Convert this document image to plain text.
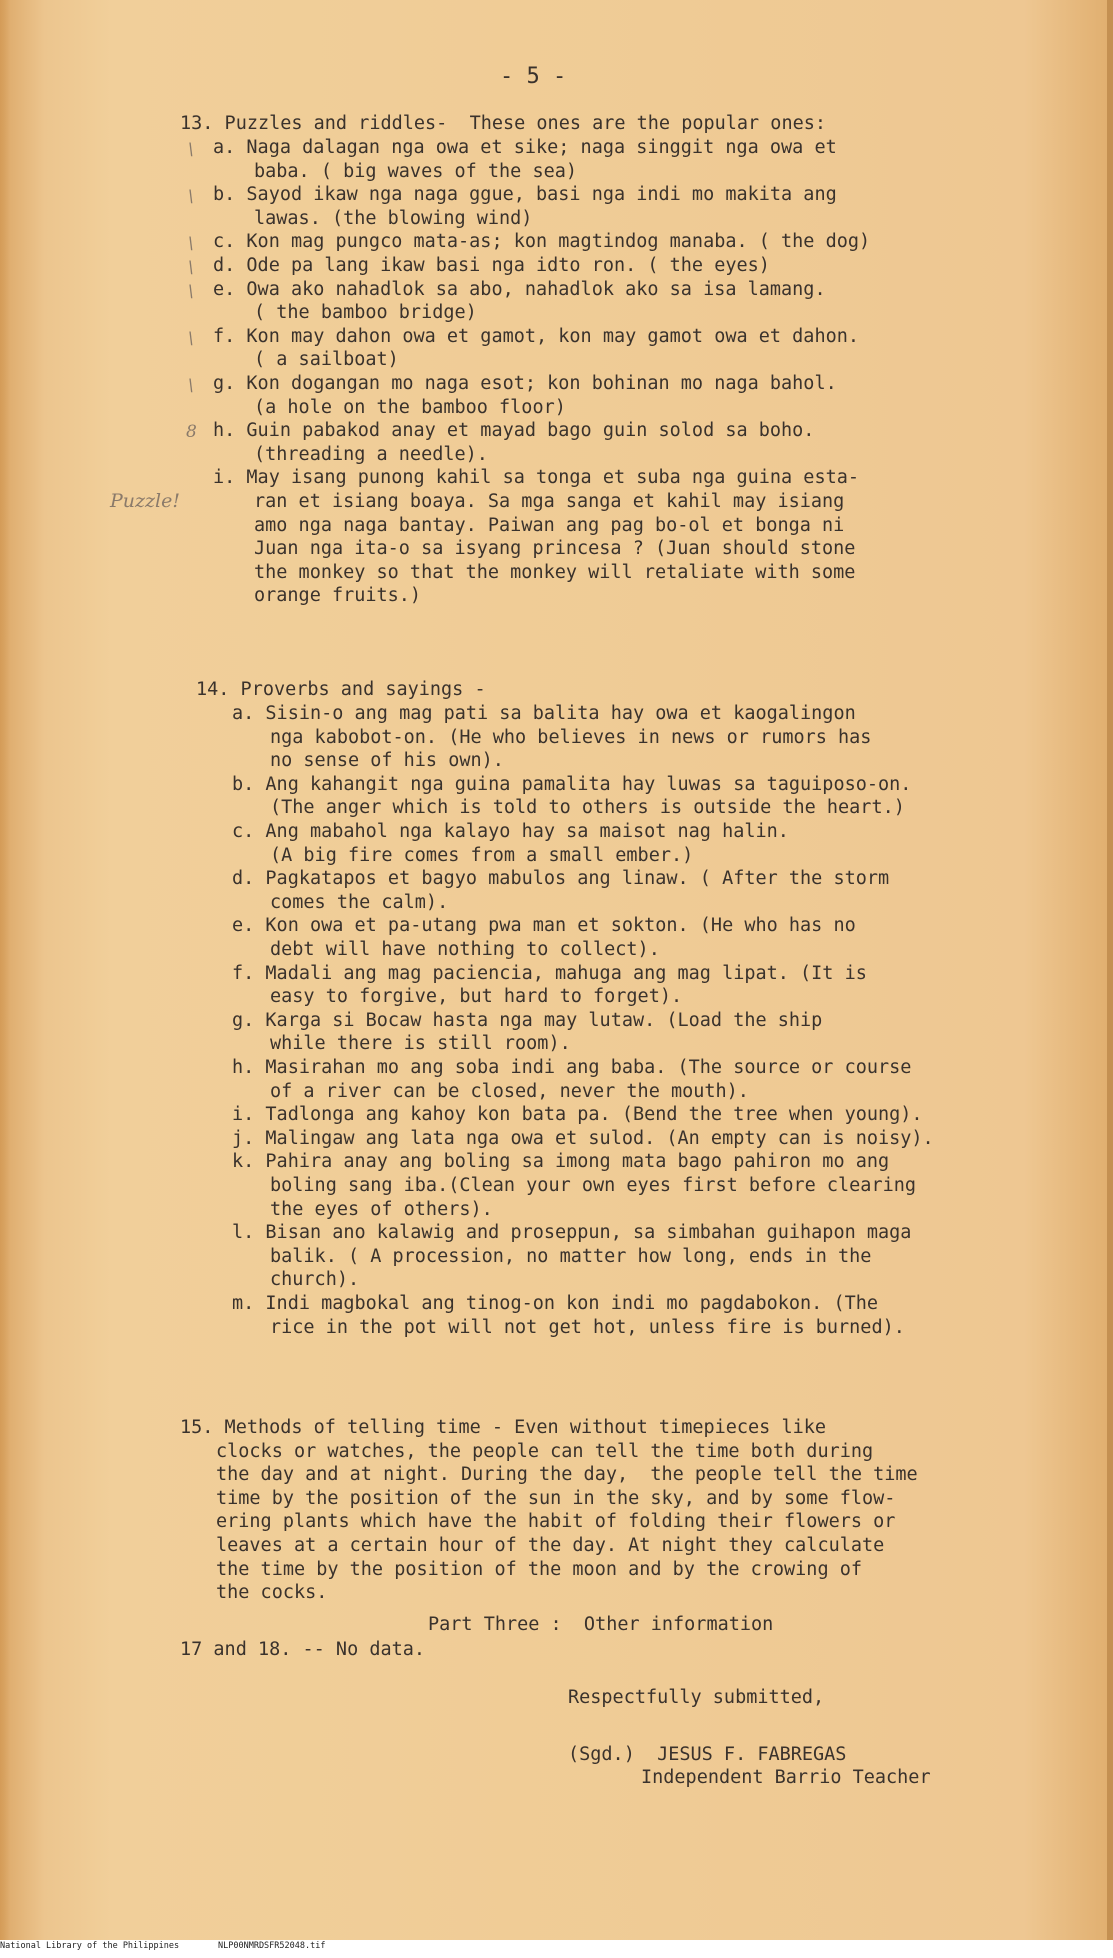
- 5 -
13. Puzzles and riddles-  These ones are the popular ones:
a. Naga dalagan nga owa et sike; naga singgit nga owa et
baba. ( big waves of the sea)
b. Sayod ikaw nga naga ggue, basi nga indi mo makita ang
lawas. (the blowing wind)
c. Kon mag pungco mata-as; kon magtindog manaba. ( the dog)
d. Ode pa lang ikaw basi nga idto ron. ( the eyes)
e. Owa ako nahadlok sa abo, nahadlok ako sa isa lamang.
( the bamboo bridge)
f. Kon may dahon owa et gamot, kon may gamot owa et dahon.
( a sailboat)
g. Kon dogangan mo naga esot; kon bohinan mo naga bahol.
(a hole on the bamboo floor)
h. Guin pabakod anay et mayad bago guin solod sa boho.
(threading a needle).
i. May isang punong kahil sa tonga et suba nga guina esta-
ran et isiang boaya. Sa mga sanga et kahil may isiang
amo nga naga bantay. Paiwan ang pag bo-ol et bonga ni
Juan nga ita-o sa isyang princesa ? (Juan should stone
the monkey so that the monkey will retaliate with some
orange fruits.)
\
\
\
\
\
\
\
8
Puzzle!
14. Proverbs and sayings -
a. Sisin-o ang mag pati sa balita hay owa et kaogalingon
nga kabobot-on. (He who believes in news or rumors has
no sense of his own).
b. Ang kahangit nga guina pamalita hay luwas sa taguiposo-on.
(The anger which is told to others is outside the heart.)
c. Ang mabahol nga kalayo hay sa maisot nag halin.
(A big fire comes from a small ember.)
d. Pagkatapos et bagyo mabulos ang linaw. ( After the storm
comes the calm).
e. Kon owa et pa-utang pwa man et sokton. (He who has no
debt will have nothing to collect).
f. Madali ang mag paciencia, mahuga ang mag lipat. (It is
easy to forgive, but hard to forget).
g. Karga si Bocaw hasta nga may lutaw. (Load the ship
while there is still room).
h. Masirahan mo ang soba indi ang baba. (The source or course
of a river can be closed, never the mouth).
i. Tadlonga ang kahoy kon bata pa. (Bend the tree when young).
j. Malingaw ang lata nga owa et sulod. (An empty can is noisy).
k. Pahira anay ang boling sa imong mata bago pahiron mo ang
boling sang iba.(Clean your own eyes first before clearing
the eyes of others).
l. Bisan ano kalawig and proseppun, sa simbahan guihapon maga
balik. ( A procession, no matter how long, ends in the
church).
m. Indi magbokal ang tinog-on kon indi mo pagdabokon. (The
rice in the pot will not get hot, unless fire is burned).
15. Methods of telling time - Even without timepieces like
clocks or watches, the people can tell the time both during
the day and at night. During the day,  the people tell the time
time by the position of the sun in the sky, and by some flow-
ering plants which have the habit of folding their flowers or
leaves at a certain hour of the day. At night they calculate
the time by the position of the moon and by the crowing of
the cocks.
Part Three :  Other information
17 and 18. -- No data.
Respectfully submitted,
(Sgd.)  JESUS F. FABREGAS
Independent Barrio Teacher
National Library of the Philippines	NLP00NMRDSFR52048.tif
